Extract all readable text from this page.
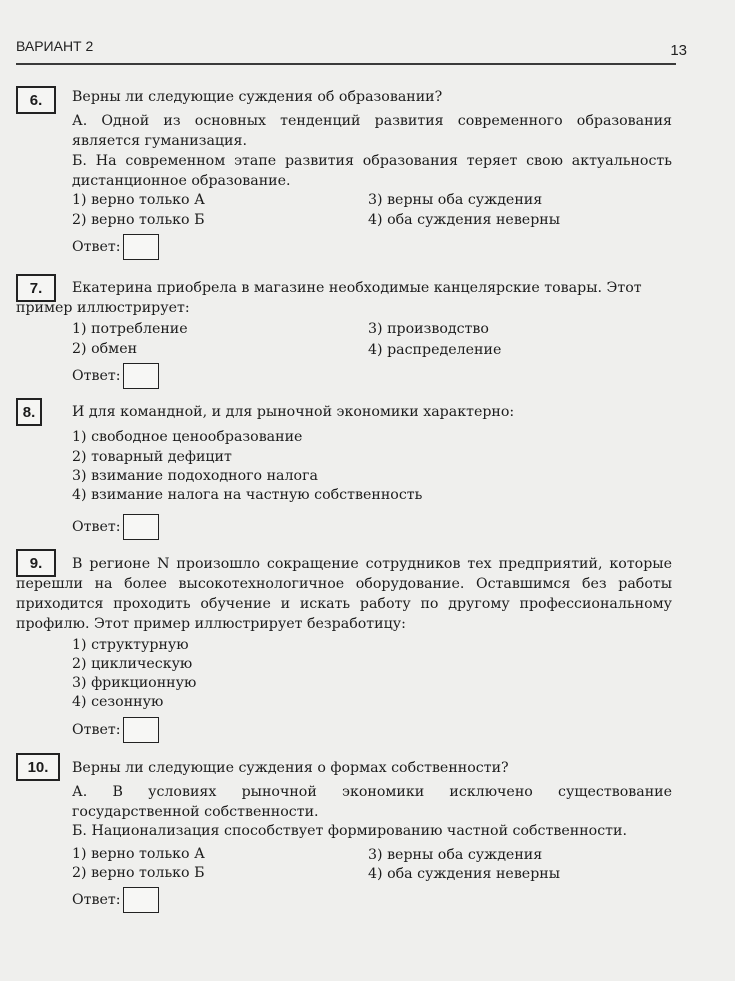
ВАРИАНТ 2	13
6. Верны ли следующие суждения об образовании?
А. Одной из основных тенденций развития современного образования является гуманизация.
Б. На современном этапе развития образования теряет свою актуальность дистанционное образование.
1) верно только А
2) верно только Б
3) верны оба суждения
4) оба суждения неверны
Ответ:
7.	Екатерина приобрела в магазине необходимые канцелярские товары. Этот пример иллюстрирует:
1) потребление
2) обмен
3) производство
4) распределение
Ответ:
8.	И для командной, и для рыночной экономики характерно:
1) свободное ценообразование
2) товарный дефицит
3) взимание подоходного налога
4) взимание налога на частную собственность
Ответ:
9.	В регионе N произошло сокращение сотрудников тех предприятий, которые перешли на более высокотехнологичное оборудование. Оставшимся без работы приходится проходить обучение и искать работу по другому профессиональному профилю. Этот пример иллюстрирует безработицу:
1) структурную
2) циклическую
3) фрикционную
4) сезонную
Ответ:
10. Верны ли следующие суждения о формах собственности?
А. В условиях рыночной экономики исключено существование государственной собственности.
Б. Национализация способствует формированию частной собственности.
1) верно только А
2) верно только Б
3) верны оба суждения
4) оба суждения неверны
Ответ:
